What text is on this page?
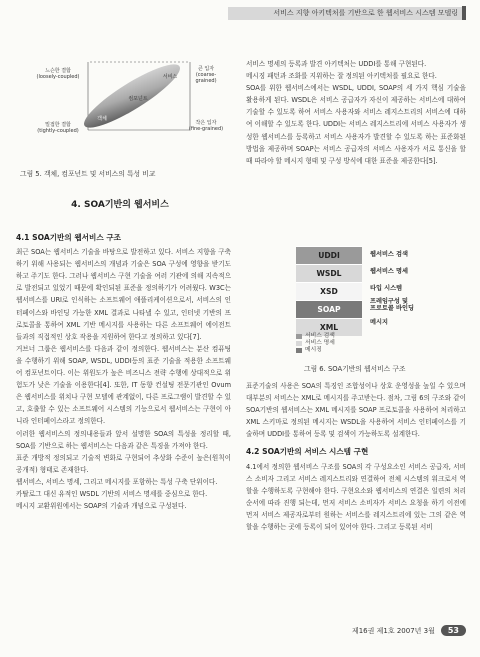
서비스 지향 아키텍처를 기반으로 한 웹서비스 시스템 모델링
느슨한 결합
(loosely-coupled)
밀접한 결합
(tightly-coupled)
서비스
큰 입자
(coarse-grained)
컴포넌트
객체
작은 입자
(fine-grained)
그림 5. 객체, 컴포넌트 및 서비스의 특성 비교
4. SOA기반의 웹서비스
4.1 SOA기반의 웹서비스 구조

최근 SOA는 웹서비스 기술을 바탕으로 발전하고 있다. 서비스 지향을 구축하기 위해 사용되는 웹서비스의 개념과 기술은 SOA 구성에 영향을 받기도 하고 주기도 한다. 그러나 웹서비스 구현 기술을 여러 기관에 의해 지속적으로 발전되고 있었기 때문에 확인되된 표준을 정의하기가 어려웠다. W3C는 웹서비스를 URI로 인식하는 소프트웨어 애플리케이션으로서, 서비스의 인터페이스와 바인딩 가능한 XML 결과로 나타낼 수 있고, 인터넷 기반의 프로토콜을 통하여 XML 기반 메시지를 사용하는 다른 소프트웨어 에이전트들과의 직접적인 상호 작용을 지원하여 한다고 정의하고 있다[7].

거브너 그룹은 웹서비스를 다음과 같이 정의한다. 웹서비스는 분산 컴퓨팅을 수행하기 위해 SOAP, WSDL, UDDI등의 표준 기술을 적용한 소프트웨어 컴포넌트이다. 이는 위원도가 높은 비즈니스 전략 수행에 상대적으로 위험도가 낮은 기술을 이용한다[4]. 또한, IT 동향 컨설팅 전문기관인 Ovum은 웹서비스를 위치나 구현 모델에 관계없이, 다른 프로그램이 발견할 수 있고, 호출할 수 있는 소프트웨어 시스템의 기능으로서 웹서비스는 구현이 아니라 인터페이스라고 정의한다.

이러한 웹서비스의 정의내용들과 앞서 설명한 SOA의 특성을 정리할 때, SOA를 기반으로 하는 웹서비스는 다음과 같은 특징을 가져야 한다.

표준 개방적 정의되고 기술적 변화로 구현되어 추상화 수준이 높은(원칙이 공개적) 형태로 존재한다.

웹서비스, 서비스 명세, 그리고 메시지를 포함하는 특성 구축 단위이다.

카탈로그 대신 유적인 WSDL 기반의 서비스 명세를 중심으로 한다.

메시지 교환위원에서는 SOAP의 기술과 개념으로 구성된다.

서비스 명세의 등록과 발견 아키텍처는 UDDI를 통해 구현된다.

메시징 패턴과 조화를 지위하는 잘 정의된 아키텍처를 필요로 한다.

SOA를 위한 웹서비스에서는 WSDL, UDDI, SOAP의 세 가지 핵심 기술을 활용하게 된다. WSDL은 서비스 공급자가 자신이 제공하는 서비스에 대하여 기술할 수 있도록 하여 서비스 사용자와 서비스 레지스트리의 서비스에 대하여 이해할 수 있도록 한다. UDDI는 서비스 레지스트리에 서비스 사용자가 생성한 웹서비스를 등록하고 서비스 사용자가 발견할 수 있도록 하는 표준화된 방법을 제공하며 SOAP는 서비스 공급자의 서비스 사용자가 서로 통신을 할 때 따라야 할 메시지 형태 및 구성 방식에 대한 표준을 제공한다[5].

UDDI
WSDL
XSD
SOAP
XML
웹서비스 검색
웹서비스 명세
타입 시스템
프레임구성 및
프로토콜 바인딩
메시지
서비스 검색
서비스 명세
메시징
그림 6. SOA기반의 웹서비스 구조

표준기술의 사용은 SOA의 특징인 조합성이나 상호 운영성을 높일 수 있으며 대부분의 서비스는 XML로 메시지를 주고받는다. 점차, 그림 6의 구조와 같이 SOA기반의 웹서비스는 XML 메시지를 SOAP 프로토콜을 사용하여 처리하고 XML 스키마로 정의된 메시지는 WSDL을 사용하여 서비스 인터페이스를 기술하며 UDDI를 통하여 등록 및 검색이 가능하도록 설계한다.

4.2 SOA기반의 서비스 시스템 구현

4.1에서 정의한 웹서비스 구조를 SOA의 각 구성요소인 서비스 공급자, 서비스 소비자 그리고 서비스 레지스트리와 연결하여 전체 시스템의 워크로서 역할을 수행하도록 구현해야 한다. 구현요소와 웹서비스의 연결은 일련의 처리 순서에 따라 진행 되는데, 먼저 서비스 소비자가 서비스 요청을 하기 이전에 먼저 서비스 제공자로부터 원하는 서비스를 레지스트리에 있는 그의 같은 역할을 수행하는 곳에 등록이 되어 있어야 한다. 그리고 등록된 서비

제16권 제1호 2007년 3월	53
